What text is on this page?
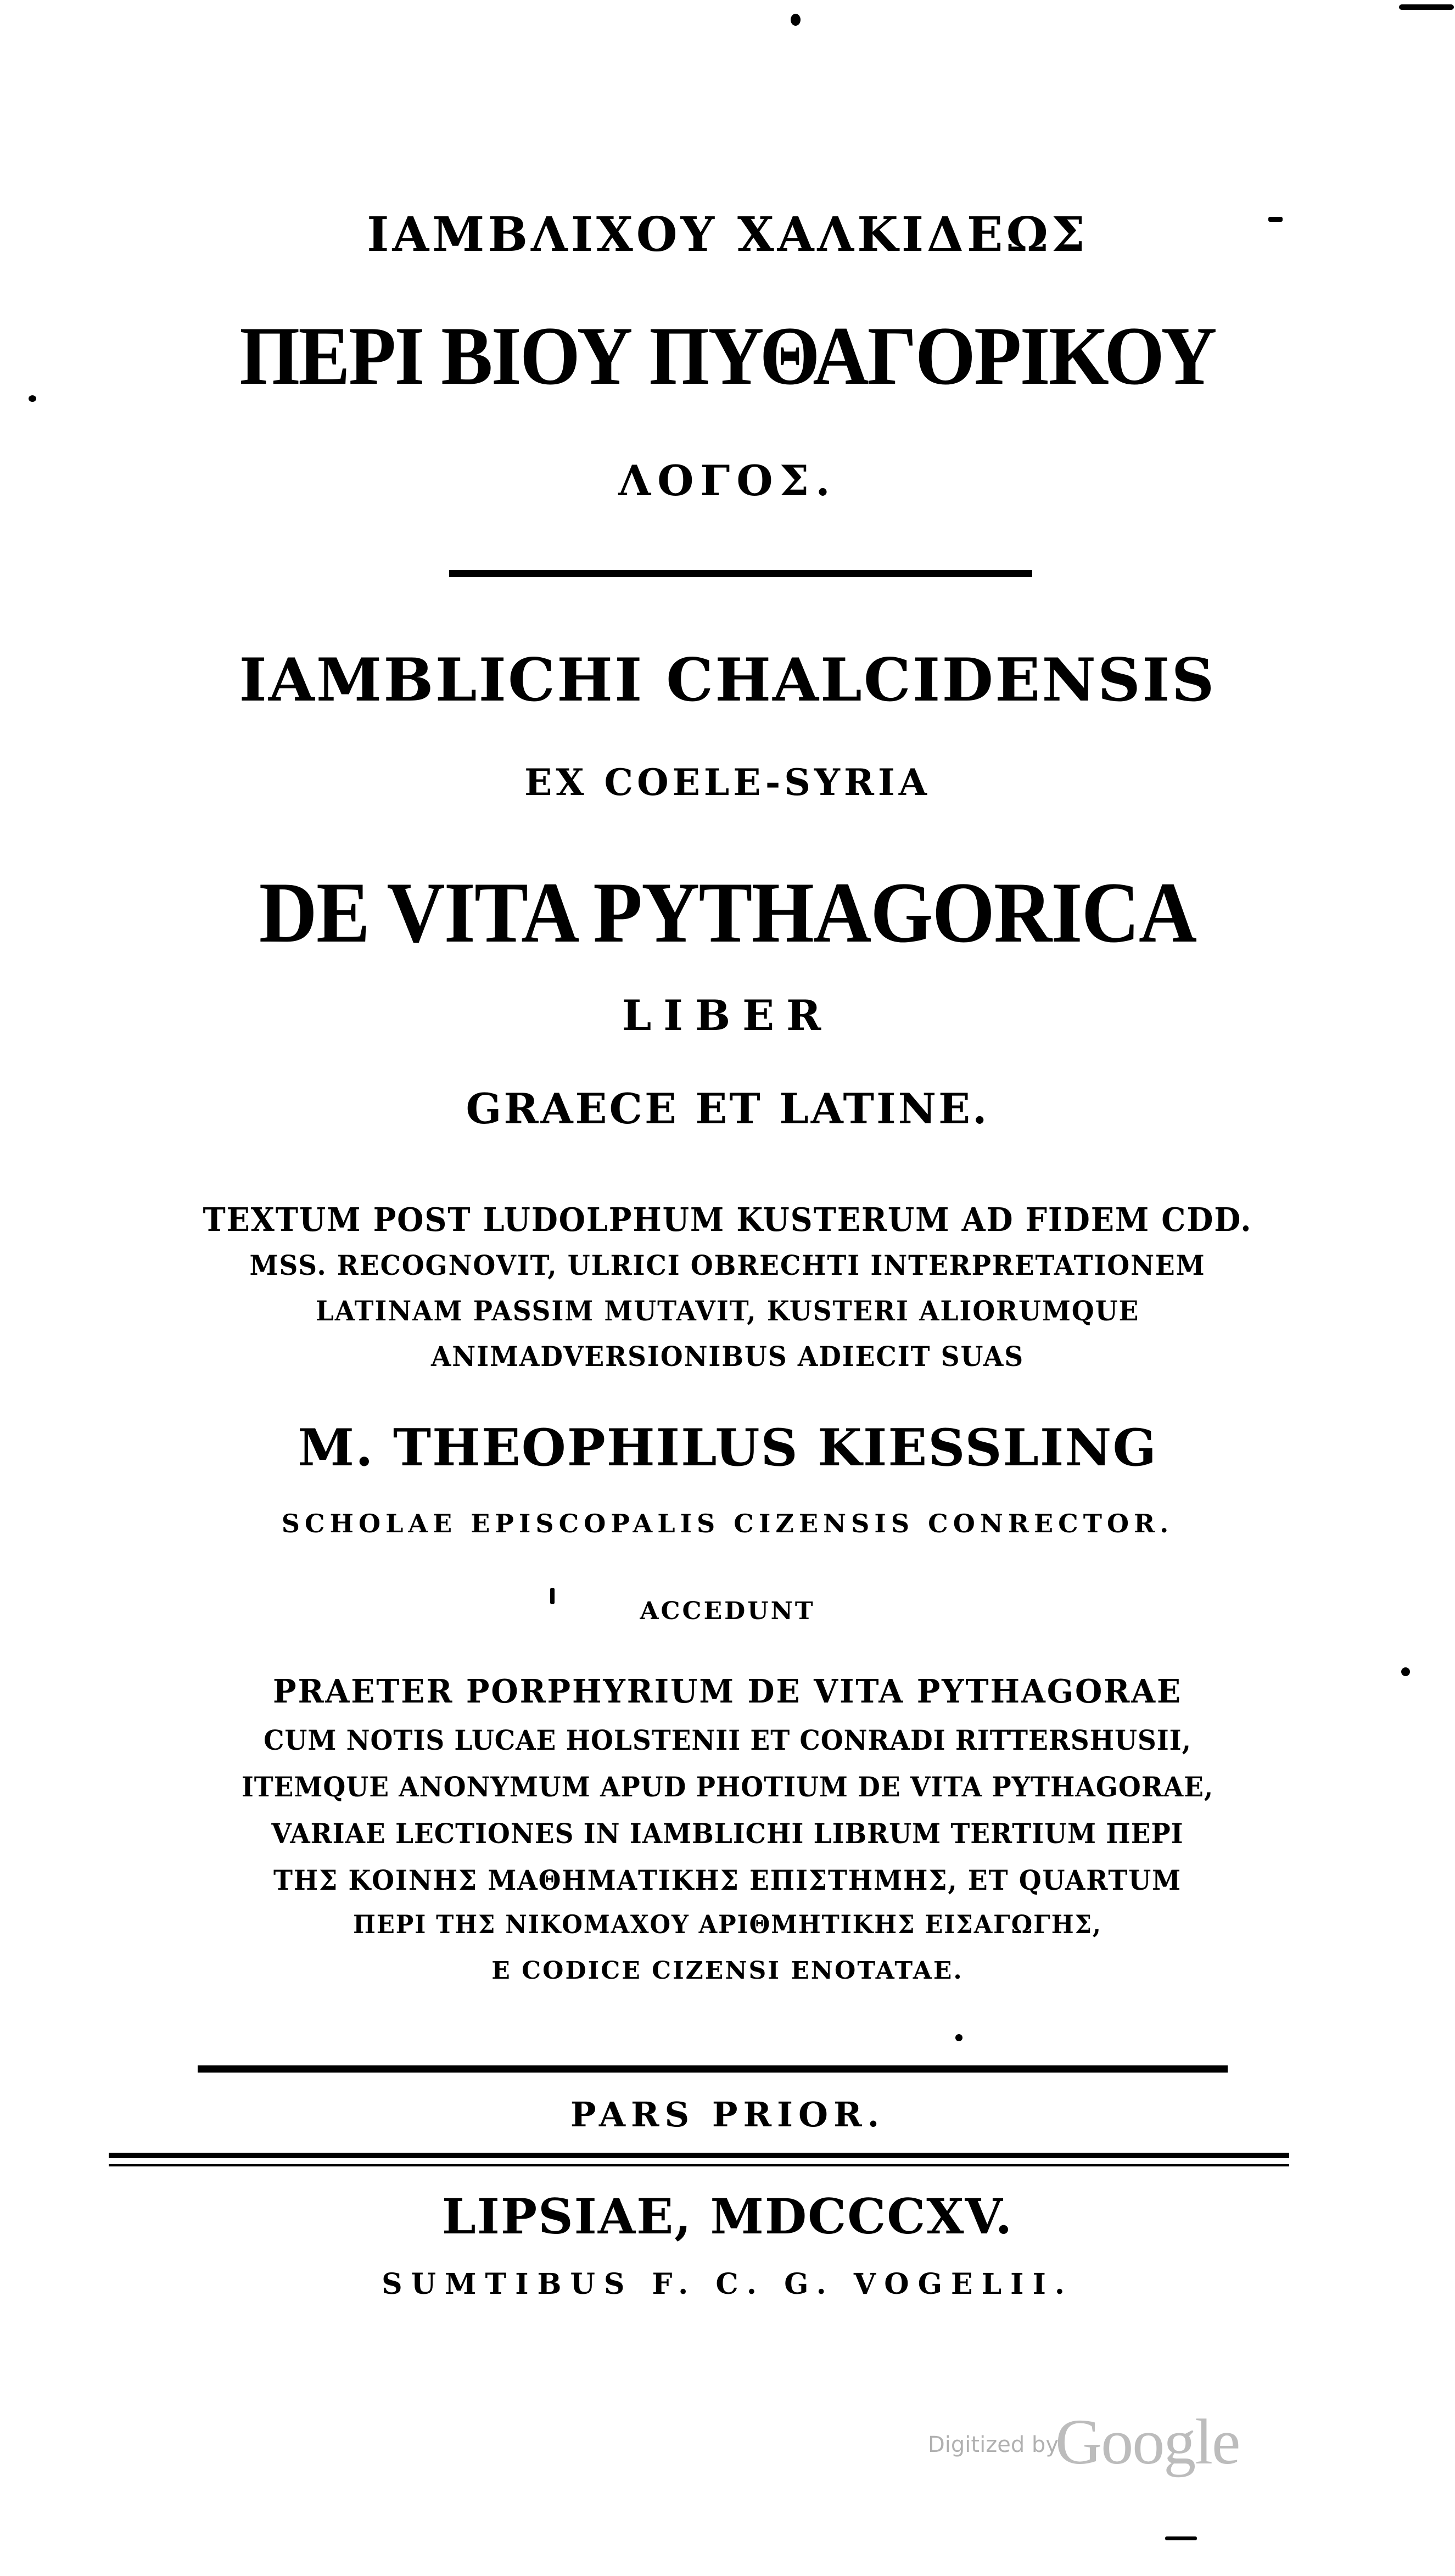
ΙΑΜΒΛΙΧΟΥ ΧΑΛΚΙΔΕΩΣ
ΠΕΡΙ ΒΙΟΥ ΠΥΘΑΓΟΡΙΚΟΥ
ΛΟΓΟΣ.
IAMBLICHI CHALCIDENSIS
EX COELE-SYRIA
DE VITA PYTHAGORICA
LIBER
GRAECE ET LATINE.
TEXTUM POST LUDOLPHUM KUSTERUM AD FIDEM CDD.
MSS. RECOGNOVIT, ULRICI OBRECHTI INTERPRETATIONEM
LATINAM PASSIM MUTAVIT, KUSTERI ALIORUMQUE
ANIMADVERSIONIBUS ADIECIT SUAS
M. THEOPHILUS KIESSLING
SCHOLAE EPISCOPALIS CIZENSIS CONRECTOR.
ACCEDUNT
PRAETER PORPHYRIUM DE VITA PYTHAGORAE
CUM NOTIS LUCAE HOLSTENII ET CONRADI RITTERSHUSII,
ITEMQUE ANONYMUM APUD PHOTIUM DE VITA PYTHAGORAE,
VARIAE LECTIONES IN IAMBLICHI LIBRUM TERTIUM ΠΕΡΙ
ΤΗΣ ΚΟΙΝΗΣ ΜΑΘΗΜΑΤΙΚΗΣ ΕΠΙΣΤΗΜΗΣ, ET QUARTUM
ΠΕΡΙ ΤΗΣ ΝΙΚΟΜΑΧΟΥ ΑΡΙΘΜΗΤΙΚΗΣ ΕΙΣΑΓΩΓΗΣ,
E CODICE CIZENSI ENOTATAE.
PARS PRIOR.
LIPSIAE, MDCCCXV.
SUMTIBUS F. C. G. VOGELII.
Digitized by
Google
